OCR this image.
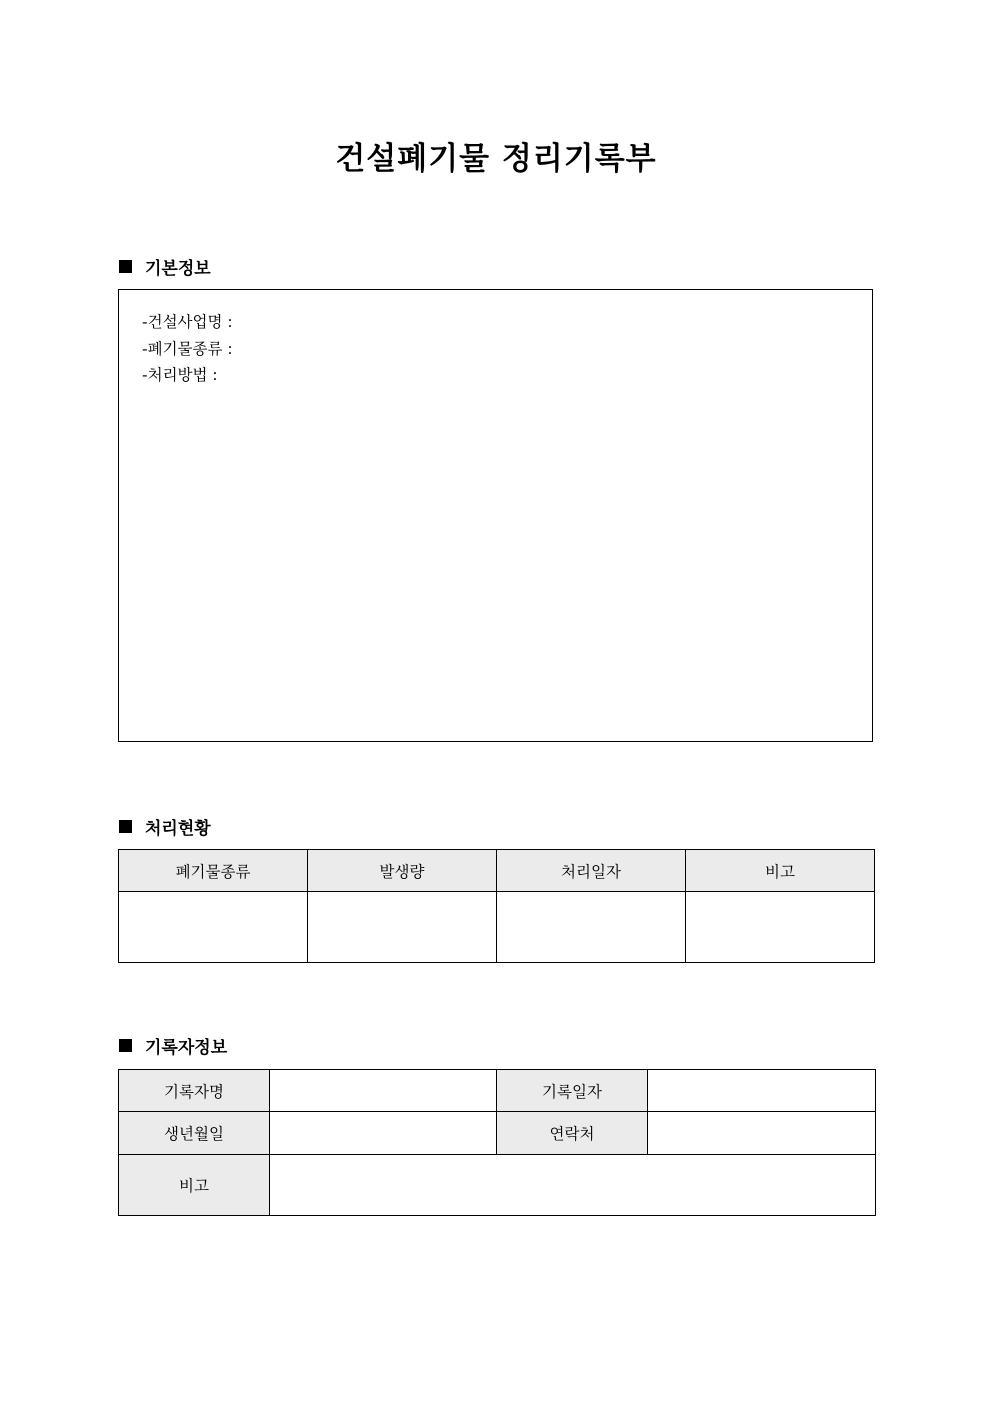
건설폐기물 정리기록부
기본정보
-건설사업명 :
-폐기물종류 :
-처리방법 :
처리현황
폐기물종류	발생량	처리일자	비고

기록자정보
기록자명		기록일자	
생년월일		연락처	
비고			
